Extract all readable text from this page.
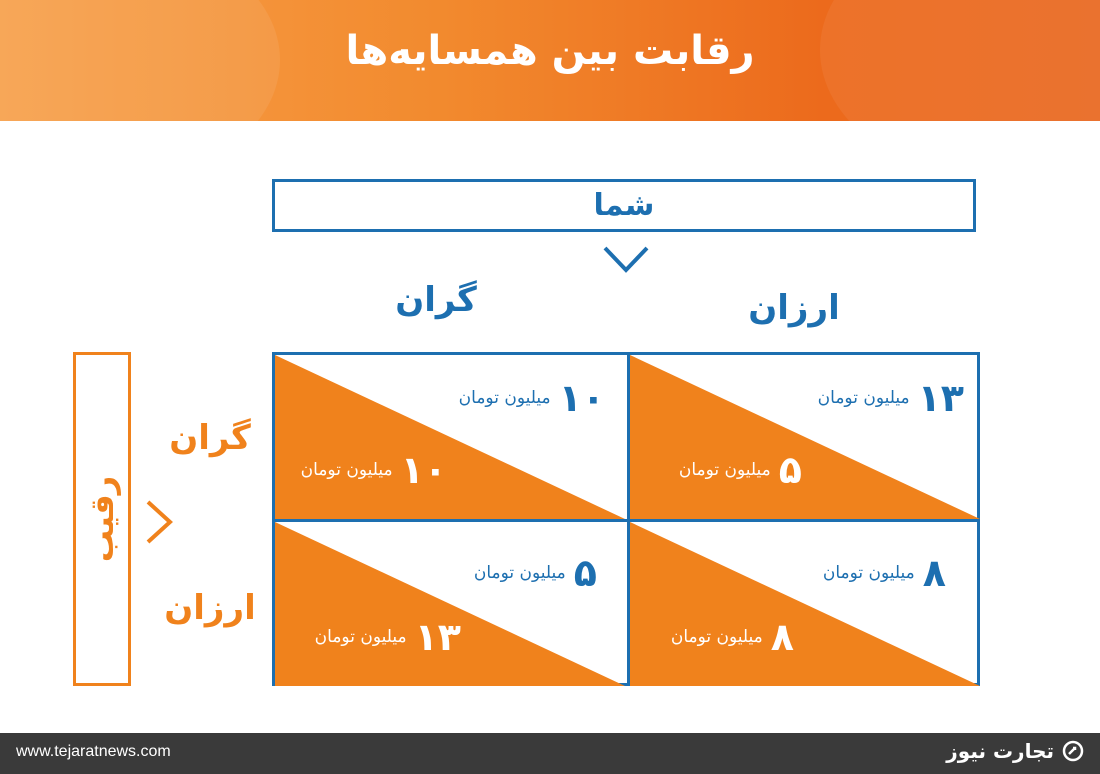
رقابت بین همسایه‌ها
شما
گران	ارزان
رقیب
گران
ارزان
۱۰
میلیون تومان
۱۰
میلیون تومان
۱۳
میلیون تومان
۵
میلیون تومان
۵
میلیون تومان
۱۳
میلیون تومان
۸
میلیون تومان
۸
میلیون تومان
www.tejaratnews.com	تجارت نیوز
